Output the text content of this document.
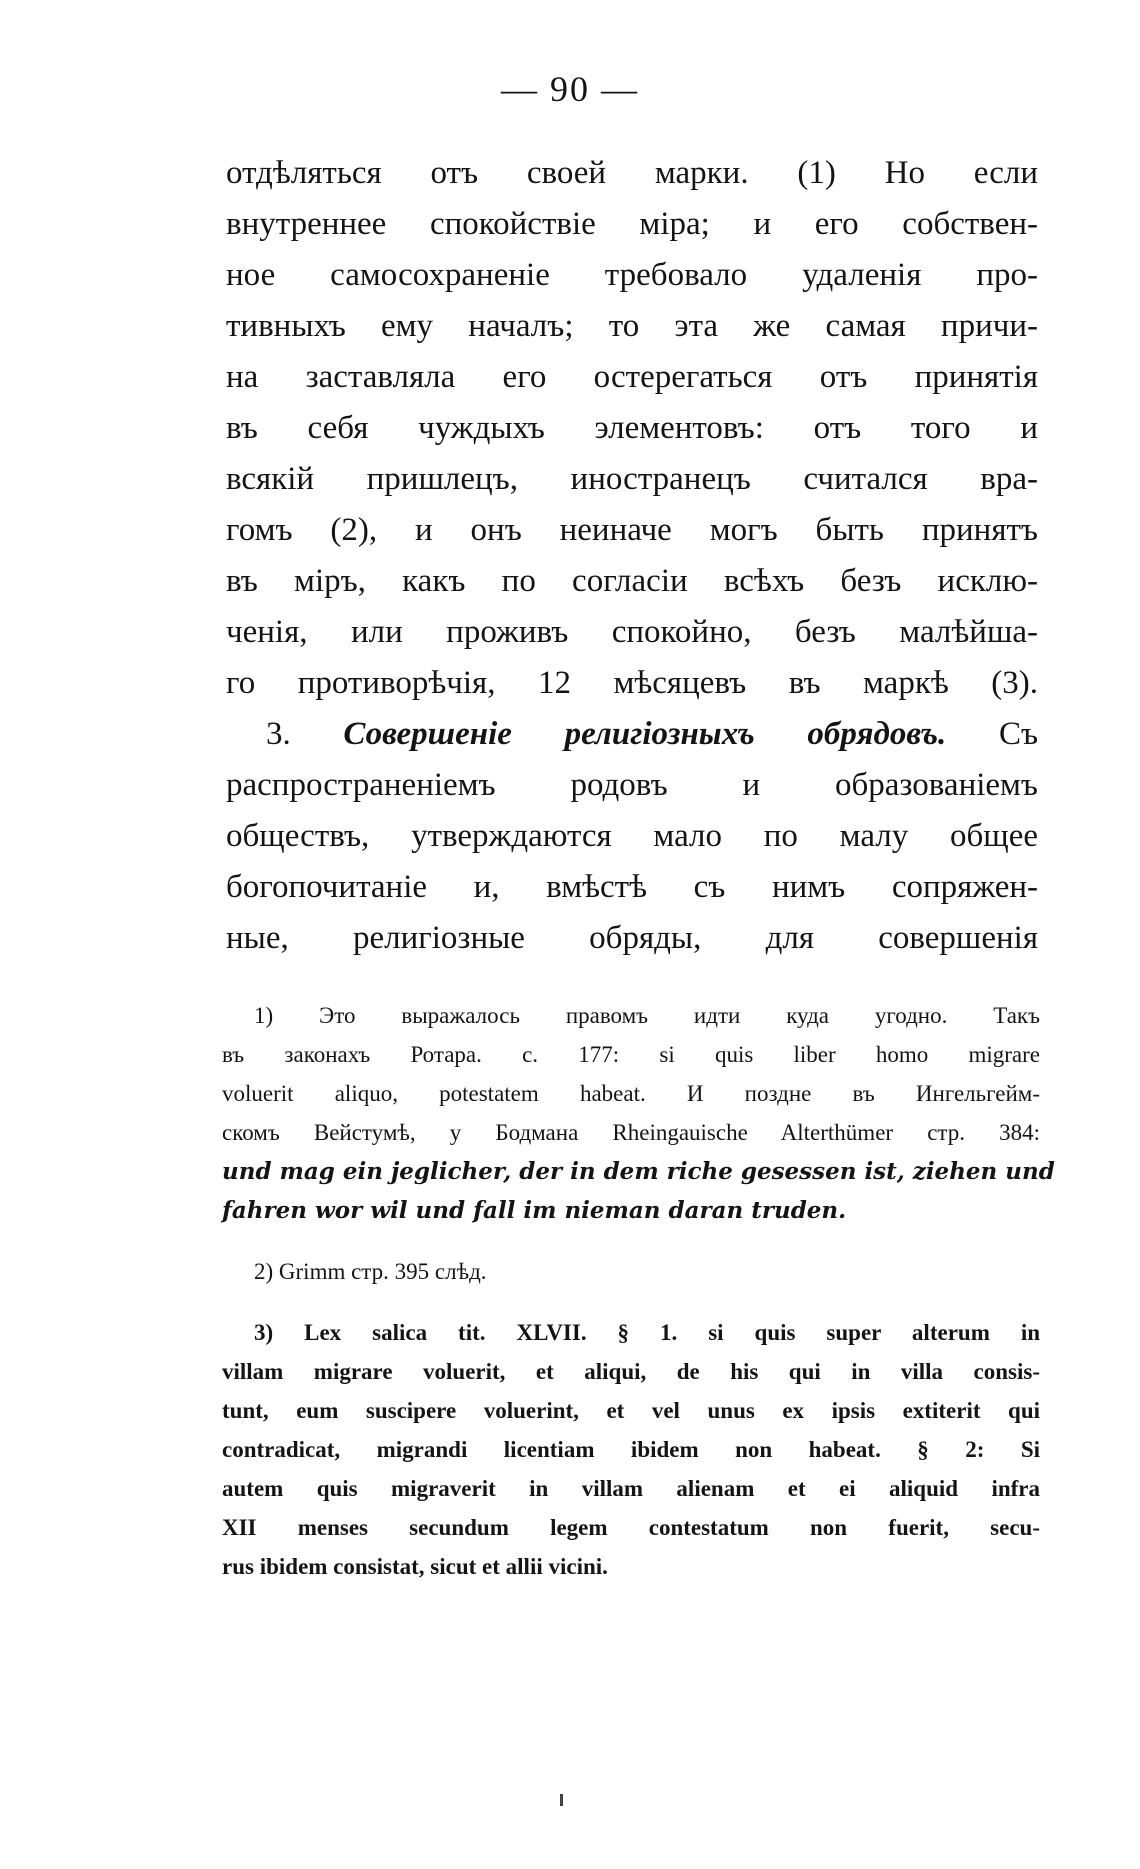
— 90 —
отдѣляться отъ своей марки. (1) Но если
внутреннее спокойствіе міра; и его собствен-
ное самосохраненіе требовало удаленія про-
тивныхъ ему началъ; то эта же самая причи-
на заставляла его остерегаться отъ принятія
въ себя чуждыхъ элементовъ: отъ того и
всякій пришлецъ, иностранецъ считался вра-
гомъ (2), и онъ неиначе могъ быть принятъ
въ міръ, какъ по согласіи всѣхъ безъ исклю-
ченія, или проживъ спокойно, безъ малѣйша-
го противорѣчія, 12 мѣсяцевъ въ маркѣ (3).
3. Совершеніе религіозныхъ обрядовъ. Съ
распространеніемъ родовъ и образованіемъ
обществъ, утверждаются мало по малу общее
богопочитаніе и, вмѣстѣ съ нимъ сопряжен-
ные, религіозные обряды, для совершенія
1) Это выражалось правомъ идти куда угодно. Такъ
въ законахъ Ротара. с. 177: si quis liber homo migrare
voluerit aliquo, potestatem habeat. И поздне въ Ингельгейм-
скомъ Вейстумѣ, у Бодмана Rheingauische Alterthümer стр. 384:
und mag ein jeglicher, der in dem riche gesessen ist, ziehen und
fahren wor wil und fall im nieman daran truden.
2) Grimm стр. 395 слѣд.
3) Lex salica tit. XLVII. § 1. si quis super alterum in
villam migrare voluerit, et aliqui, de his qui in villa consis-
tunt, eum suscipere voluerint, et vel unus ex ipsis extiterit qui
contradicat, migrandi licentiam ibidem non habeat. § 2: Si
autem quis migraverit in villam alienam et ei aliquid infra
XII menses secundum legem contestatum non fuerit, secu-
rus ibidem consistat, sicut et allii vicini.
